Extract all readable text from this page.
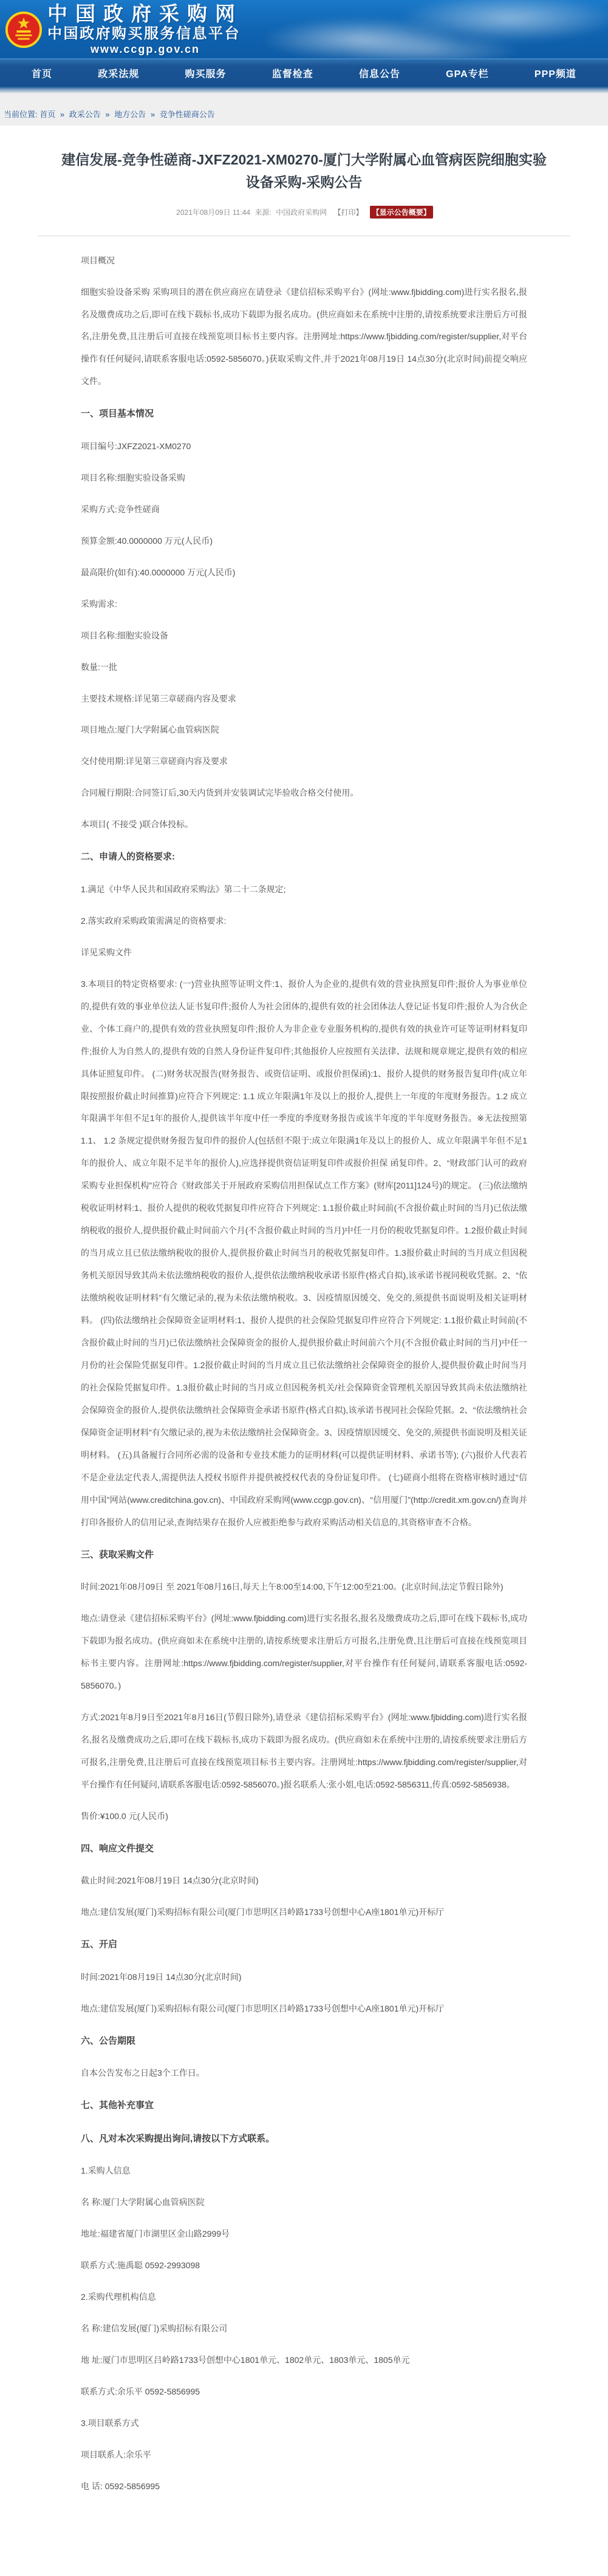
中国政府采购网
中国政府购买服务信息平台
www.ccgp.gov.cn
首页	政采法规	购买服务	监督检查	信息公告	GPA专栏	PPP频道
当前位置: 首页 » 政采公告 » 地方公告 » 竞争性磋商公告
建信发展-竞争性磋商-JXFZ2021-XM0270-厦门大学附属心血管病医院细胞实验设备采购-采购公告
2021年08月09日 11:44 来源: 中国政府采购网 【打印】 【显示公告概要】

项目概况

细胞实验设备采购 采购项目的潜在供应商应在请登录《建信招标采购平台》(网址:www.fjbidding.com)进行实名报名,报名及缴费成功之后,即可在线下载标书,成功下载即为报名成功。(供应商如未在系统中注册的,请按系统要求注册后方可报名,注册免费,且注册后可直接在线预览项目标书主要内容。注册网址:https://www.fjbidding.com/register/supplier,对平台操作有任何疑问,请联系客服电话:0592-5856070。)获取采购文件,并于2021年08月19日 14点30分(北京时间)前提交响应文件。

一、项目基本情况

项目编号:JXFZ2021-XM0270

项目名称:细胞实验设备采购

采购方式:竞争性磋商

预算金额:40.0000000 万元(人民币)

最高限价(如有):40.0000000 万元(人民币)

采购需求:

项目名称:细胞实验设备

数量:一批

主要技术规格:详见第三章磋商内容及要求

项目地点:厦门大学附属心血管病医院

交付使用期:详见第三章磋商内容及要求

合同履行期限:合同签订后,30天内货到并安装调试完毕验收合格交付使用。

本项目( 不接受 )联合体投标。

二、申请人的资格要求:

1.满足《中华人民共和国政府采购法》第二十二条规定;

2.落实政府采购政策需满足的资格要求:

详见采购文件

3.本项目的特定资格要求: (一)营业执照等证明文件:1、报价人为企业的,提供有效的营业执照复印件;报价人为事业单位的,提供有效的事业单位法人证书复印件;报价人为社会团体的,提供有效的社会团体法人登记证书复印件;报价人为合伙企业、个体工商户的,提供有效的营业执照复印件;报价人为非企业专业服务机构的,提供有效的执业许可证等证明材料复印件;报价人为自然人的,提供有效的自然人身份证件复印件;其他报价人应按照有关法律、法规和规章规定,提供有效的相应具体证照复印件。 (二)财务状况报告(财务报告、或资信证明、或报价担保函):1、报价人提供的财务报告复印件(成立年限按照报价截止时间推算)应符合下列规定: 1.1 成立年限满1年及以上的报价人,提供上一年度的年度财务报告。1.2 成立年限满半年但不足1年的报价人,提供该半年度中任一季度的季度财务报告或该半年度的半年度财务报告。※无法按照第1.1、 1.2 条规定提供财务报告复印件的报价人(包括但不限于:成立年限满1年及以上的报价人、成立年限满半年但不足1年的报价人、成立年限不足半年的报价人),应选择提供资信证明复印件或报价担保 函复印件。2、“财政部门认可的政府采购专业担保机构”应符合《财政部关于开展政府采购信用担保试点工作方案》(财库[2011]124号)的规定。 (三)依法缴纳税收证明材料:1、报价人提供的税收凭据复印件应符合下列规定: 1.1报价截止时间前(不含报价截止时间的当月)已依法缴纳税收的报价人,提供报价截止时间前六个月(不含报价截止时间的当月)中任一月份的税收凭据复印件。1.2报价截止时间的当月成立且已依法缴纳税收的报价人,提供报价截止时间当月的税收凭据复印件。1.3报价截止时间的当月成立但因税务机关原因导致其尚未依法缴纳税收的报价人,提供依法缴纳税收承诺书原件(格式自拟),该承诺书视同税收凭据。2、“依法缴纳税收证明材料”有欠缴记录的,视为未依法缴纳税收。3、因疫情原因缓交、免交的,须提供书面说明及相关证明材料。 (四)依法缴纳社会保障资金证明材料:1、报价人提供的社会保险凭据复印件应符合下列规定: 1.1报价截止时间前(不含报价截止时间的当月)已依法缴纳社会保障资金的报价人,提供报价截止时间前六个月(不含报价截止时间的当月)中任一月份的社会保险凭据复印件。1.2报价截止时间的当月成立且已依法缴纳社会保障资金的报价人,提供报价截止时间当月的社会保险凭据复印件。1.3报价截止时间的当月成立但因税务机关/社会保障资金管理机关原因导致其尚未依法缴纳社会保障资金的报价人,提供依法缴纳社会保障资金承诺书原件(格式自拟),该承诺书视同社会保险凭据。2、“依法缴纳社会保障资金证明材料”有欠缴记录的,视为未依法缴纳社会保障资金。3、因疫情原因缓交、免交的,须提供书面说明及相关证明材料。 (五)具备履行合同所必需的设备和专业技术能力的证明材料(可以提供证明材料、承诺书等); (六)报价人代表若不是企业法定代表人,需提供法人授权书原件并提供被授权代表的身份证复印件。 (七)磋商小组将在资格审核时通过“信用中国”网站(www.creditchina.gov.cn)、中国政府采购网(www.ccgp.gov.cn)、“信用厦门”(http://credit.xm.gov.cn/)查询并打印各报价人的信用记录,查询结果存在报价人应被拒绝参与政府采购活动相关信息的,其资格审查不合格。

三、获取采购文件

时间:2021年08月09日 至 2021年08月16日,每天上午8:00至14:00,下午12:00至21:00。(北京时间,法定节假日除外)

地点:请登录《建信招标采购平台》(网址:www.fjbidding.com)进行实名报名,报名及缴费成功之后,即可在线下载标书,成功下载即为报名成功。(供应商如未在系统中注册的,请按系统要求注册后方可报名,注册免费,且注册后可直接在线预览项目标书主要内容。注册网址:https://www.fjbidding.com/register/supplier,对平台操作有任何疑问,请联系客服电话:0592-5856070。)

方式:2021年8月9日至2021年8月16日(节假日除外),请登录《建信招标采购平台》(网址:www.fjbidding.com)进行实名报名,报名及缴费成功之后,即可在线下载标书,成功下载即为报名成功。(供应商如未在系统中注册的,请按系统要求注册后方可报名,注册免费,且注册后可直接在线预览项目标书主要内容。注册网址:https://www.fjbidding.com/register/supplier,对平台操作有任何疑问,请联系客服电话:0592-5856070。)报名联系人:张小姐,电话:0592-5856311,传真:0592-5856938。

售价:¥100.0 元(人民币)

四、响应文件提交

截止时间:2021年08月19日 14点30分(北京时间)

地点:建信发展(厦门)采购招标有限公司(厦门市思明区吕岭路1733号创想中心A座1801单元)开标厅

五、开启

时间:2021年08月19日 14点30分(北京时间)

地点:建信发展(厦门)采购招标有限公司(厦门市思明区吕岭路1733号创想中心A座1801单元)开标厅

六、公告期限

自本公告发布之日起3个工作日。

七、其他补充事宜

八、凡对本次采购提出询问,请按以下方式联系。

1.采购人信息

名 称:厦门大学附属心血管病医院

地址:福建省厦门市湖里区金山路2999号

联系方式:施禹聪 0592-2993098

2.采购代理机构信息

名 称:建信发展(厦门)采购招标有限公司

地 址:厦门市思明区吕岭路1733号创想中心1801单元、1802单元、1803单元、1805单元

联系方式:余乐平 0592-5856995

3.项目联系方式

项目联系人:余乐平

电 话: 0592-5856995
